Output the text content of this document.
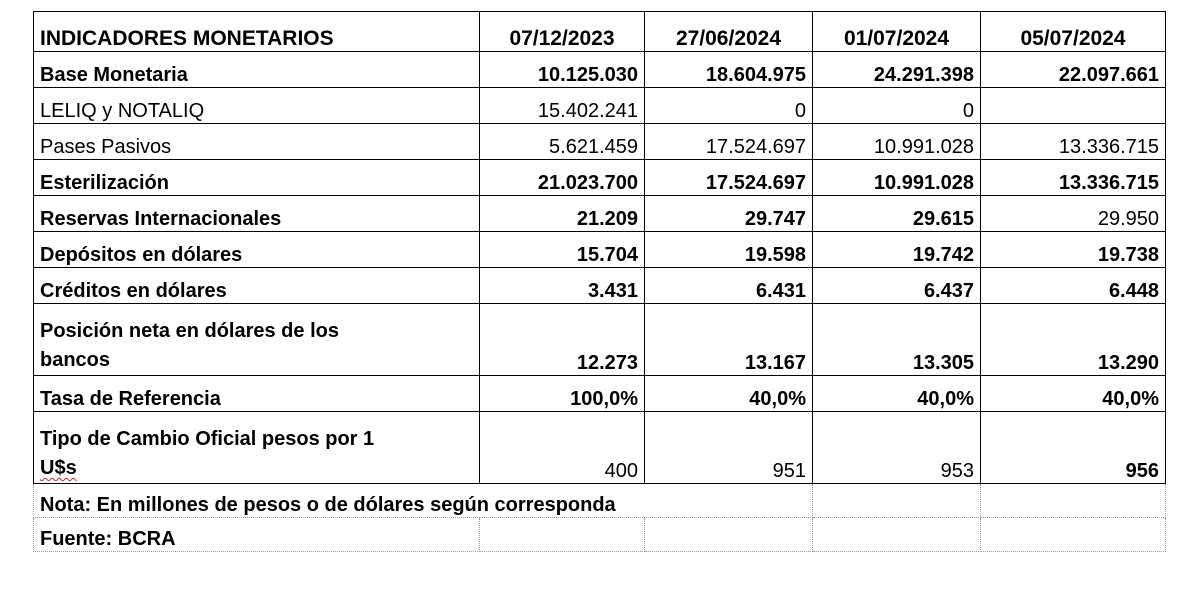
INDICADORES MONETARIOS	07/12/2023	27/06/2024	01/07/2024	05/07/2024
Base Monetaria	10.125.030	18.604.975	24.291.398	22.097.661
LELIQ y NOTALIQ	15.402.241	0	0	
Pases Pasivos	5.621.459	17.524.697	10.991.028	13.336.715
Esterilización	21.023.700	17.524.697	10.991.028	13.336.715
Reservas Internacionales	21.209	29.747	29.615	29.950
Depósitos en dólares	15.704	19.598	19.742	19.738
Créditos en dólares	3.431	6.431	6.437	6.448
Posición neta en dólares de los
bancos	12.273	13.167	13.305	13.290
Tasa de Referencia	100,0%	40,0%	40,0%	40,0%
Tipo de Cambio Oficial pesos por 1
U$s	400	951	953	956
Nota: En millones de pesos o de dólares según corresponda				
Fuente: BCRA				
